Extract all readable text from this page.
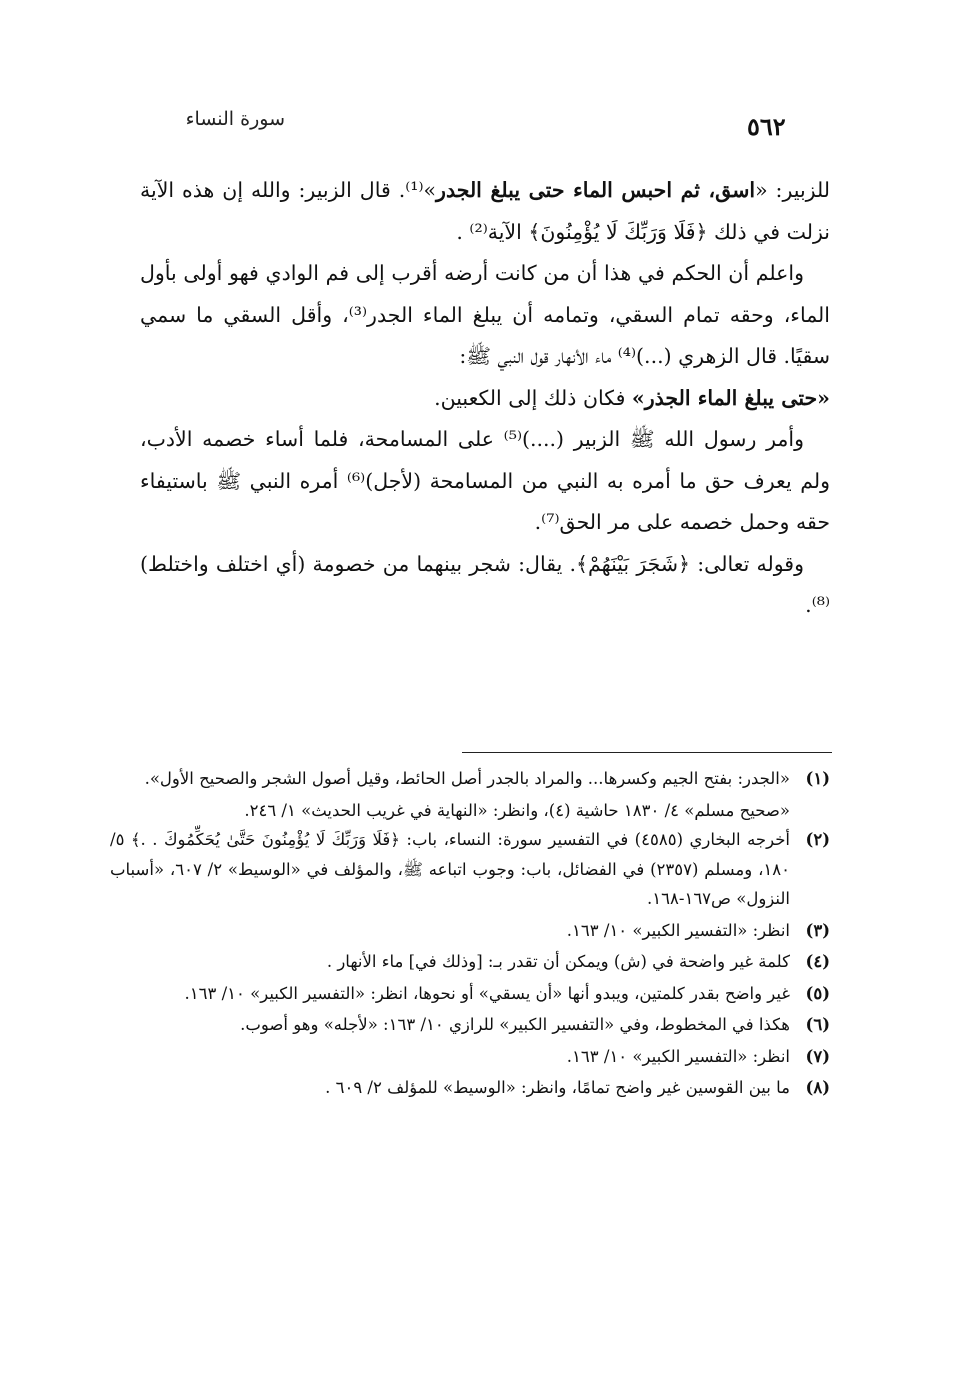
سورة النساء	٥٦٢

للزبير: «اسق، ثم احبس الماء حتى يبلغ الجدر»⁽¹⁾. قال الزبير: والله إن هذه الآية نزلت في ذلك ﴿فَلَا وَرَبِّكَ لَا يُؤْمِنُونَ﴾ الآية⁽²⁾ .

واعلم أن الحكم في هذا أن من كانت أرضه أقرب إلى فم الوادي فهو أولى بأول الماء، وحقه تمام السقي، وتمامه أن يبلغ الماء الجدر⁽³⁾، وأقل السقي ما سمي سقيًا. قال الزهري (...)⁽⁴⁾ ماء الأنهار قول النبي ﷺ:
«حتى يبلغ الماء الجذر» فكان ذلك إلى الكعبين.

وأمر رسول الله ﷺ الزبير (....)⁽⁵⁾ على المسامحة، فلما أساء خصمه الأدب، ولم يعرف حق ما أمره به النبي من المسامحة (لأجل)⁽⁶⁾ أمره النبي ﷺ باستيفاء حقه وحمل خصمه على مر الحق⁽⁷⁾.

وقوله تعالى: ﴿شَجَرَ بَيْنَهُمْ﴾. يقال: شجر بينهما من خصومة (أي اختلف واختلط)⁽⁸⁾.

(١)
«الجدر: بفتح الجيم وكسرها... والمراد بالجدر أصل الحائط، وقيل أصول الشجر والصحيح الأول».
«صحيح مسلم» ٤/ ١٨٣٠ حاشية (٤)، وانظر: «النهاية في غريب الحديث» ١/ ٢٤٦.
(٢)
أخرجه البخاري (٤٥٨٥) في التفسير سورة: النساء، باب: ﴿فَلَا وَرَبِّكَ لَا يُؤْمِنُونَ حَتَّىٰ يُحَكِّمُوكَ . .﴾ ٥/ ١٨٠، ومسلم (٢٣٥٧) في الفضائل، باب: وجوب اتباعه ﷺ، والمؤلف في «الوسيط» ٢/ ٦٠٧، «أسباب النزول» ص١٦٧-١٦٨.
(٣)
انظر: «التفسير الكبير» ١٠/ ١٦٣.
(٤)
كلمة غير واضحة في (ش) ويمكن أن تقدر بـ: [وذلك في] ماء الأنهار .
(٥)
غير واضح بقدر كلمتين، ويبدو أنها «أن يسقي» أو نحوها، انظر: «التفسير الكبير» ١٠/ ١٦٣.
(٦)
هكذا في المخطوط، وفي «التفسير الكبير» للرازي ١٠/ ١٦٣: «لأجله» وهو أصوب.
(٧)
انظر: «التفسير الكبير» ١٠/ ١٦٣.
(٨)
ما بين القوسين غير واضح تمامًا، وانظر: «الوسيط» للمؤلف ٢/ ٦٠٩ .
